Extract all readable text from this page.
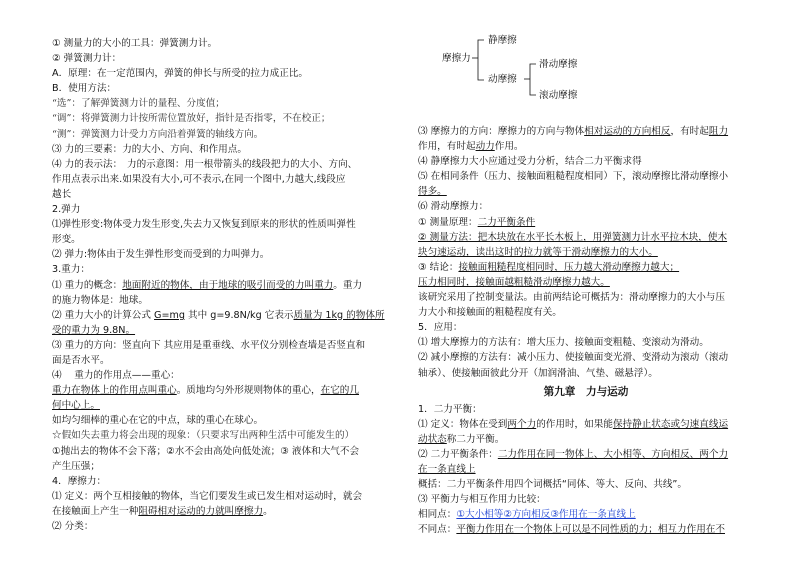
① 测量力的大小的工具：弹簧测力计。
② 弹簧测力计：
A．原理：在一定范围内，弹簧的伸长与所受的拉力成正比。
B．使用方法：
“选”：了解弹簧测力计的量程、分度值；
“调”：将弹簧测力计按所需位置放好，指针是否指零，不在校正；
“测”：弹簧测力计受力方向沿着弹簧的轴线方向。
⑶ 力的三要素：力的大小、方向、和作用点。
⑷ 力的表示法：　力的示意图：用一根带箭头的线段把力的大小、方向、
作用点表示出来.如果没有大小,可不表示,在同一个图中,力越大,线段应
越长
2.弹力
⑴弹性形变:物体受力发生形变,失去力又恢复到原来的形状的性质叫弹性
形变。
⑵ 弹力:物体由于发生弹性形变而受到的力叫弹力。
3.重力：
⑴ 重力的概念：地面附近的物体，由于地球的吸引而受的力叫重力。重力
的施力物体是：地球。
⑵ 重力大小的计算公式 G=mg 其中 g=9.8N/kg 它表示质量为 1kg 的物体所
受的重力为 9.8N。
⑶ 重力的方向：竖直向下 其应用是重垂线、水平仪分别检查墙是否竖直和
面是否水平。
⑷ 　重力的作用点——重心：
重力在物体上的作用点叫重心。质地均匀外形规则物体的重心，在它的几
何中心上。
如均匀细棒的重心在它的中点，球的重心在球心。
☆假如失去重力将会出现的现象：（只要求写出两种生活中可能发生的）
①抛出去的物体不会下落；②水不会由高处向低处流；③ 液体和大气不会
产生压强；
4．摩擦力：
⑴ 定义：两个互相接触的物体，当它们要发生或已发生相对运动时，就会
在接触面上产生一种阻碍相对运动的力就叫摩擦力。
⑵ 分类：
摩擦力
静摩擦
动摩擦
滑动摩擦
滚动摩擦
⑶ 摩擦力的方向：摩擦力的方向与物体相对运动的方向相反，有时起阻力
作用，有时起动力作用。
⑷ 静摩擦力大小应通过受力分析，结合二力平衡求得
⑸ 在相同条件（压力、接触面粗糙程度相同）下，滚动摩擦比滑动摩擦小
得多。
⑹ 滑动摩擦力：
① 测量原理：二力平衡条件
② 测量方法：把木块放在水平长木板上，用弹簧测力计水平拉木块，使木
块匀速运动，读出这时的拉力就等于滑动摩擦力的大小。
③ 结论：接触面粗糙程度相同时，压力越大滑动摩擦力越大；
压力相同时，接触面越粗糙滑动摩擦力越大。
该研究采用了控制变量法。由前两结论可概括为：滑动摩擦力的大小与压
力大小和接触面的粗糙程度有关。
5．应用：
⑴ 增大摩擦力的方法有：增大压力、接触面变粗糙、变滚动为滑动。
⑵ 减小摩擦的方法有：减小压力、使接触面变光滑、变滑动为滚动（滚动
轴承）、使接触面彼此分开（加润滑油、气垫、磁悬浮）。
第九章　力与运动
1．二力平衡：
⑴ 定义：物体在受到两个力的作用时，如果能保持静止状态或匀速直线运
动状态称二力平衡。
⑵ 二力平衡条件：二力作用在同一物体上、大小相等、方向相反、两个力
在一条直线上
概括：二力平衡条件用四个词概括“同体、等大、反向、共线”。
⑶ 平衡力与相互作用力比较：
相同点：①大小相等②方向相反③作用在一条直线上
不同点：平衡力作用在一个物体上可以是不同性质的力；相互力作用在不
